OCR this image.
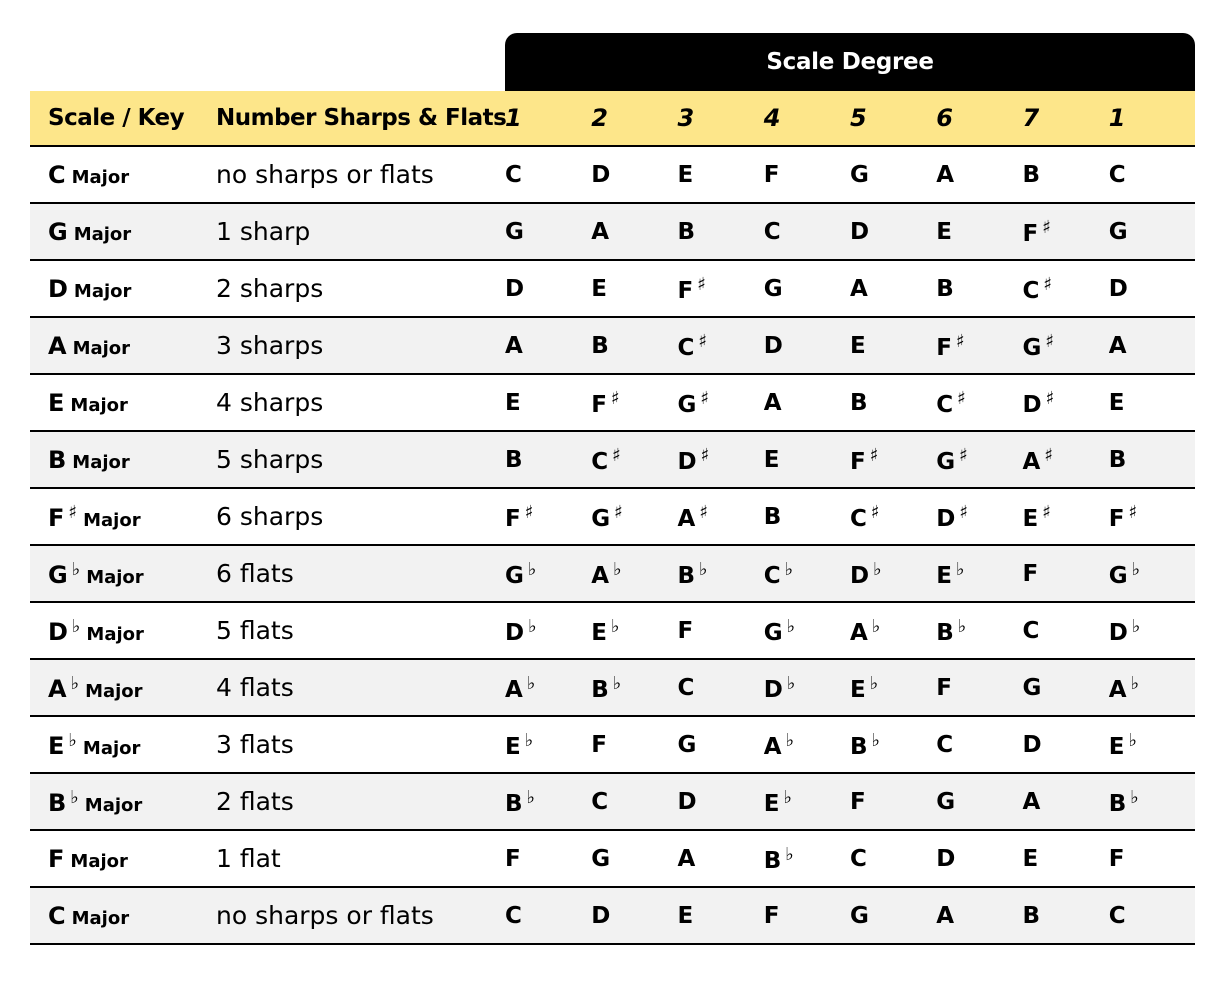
Scale Degree
Scale / Key	Number Sharps & Flats	1	2	3	4	5	6	7	1
C Major	no sharps or flats	C	D	E	F	G	A	B	C
G Major	1 sharp	G	A	B	C	D	E	F ♯	G
D Major	2 sharps	D	E	F ♯	G	A	B	C ♯	D
A Major	3 sharps	A	B	C ♯	D	E	F ♯	G ♯	A
E Major	4 sharps	E	F ♯	G ♯	A	B	C ♯	D ♯	E
B Major	5 sharps	B	C ♯	D ♯	E	F ♯	G ♯	A ♯	B
F ♯ Major	6 sharps	F ♯	G ♯	A ♯	B	C ♯	D ♯	E ♯	F ♯
G ♭ Major	6 flats	G ♭	A ♭	B ♭	C ♭	D ♭	E ♭	F	G ♭
D ♭ Major	5 flats	D ♭	E ♭	F	G ♭	A ♭	B ♭	C	D ♭
A ♭ Major	4 flats	A ♭	B ♭	C	D ♭	E ♭	F	G	A ♭
E ♭ Major	3 flats	E ♭	F	G	A ♭	B ♭	C	D	E ♭
B ♭ Major	2 flats	B ♭	C	D	E ♭	F	G	A	B ♭
F Major	1 flat	F	G	A	B ♭	C	D	E	F
C Major	no sharps or flats	C	D	E	F	G	A	B	C
